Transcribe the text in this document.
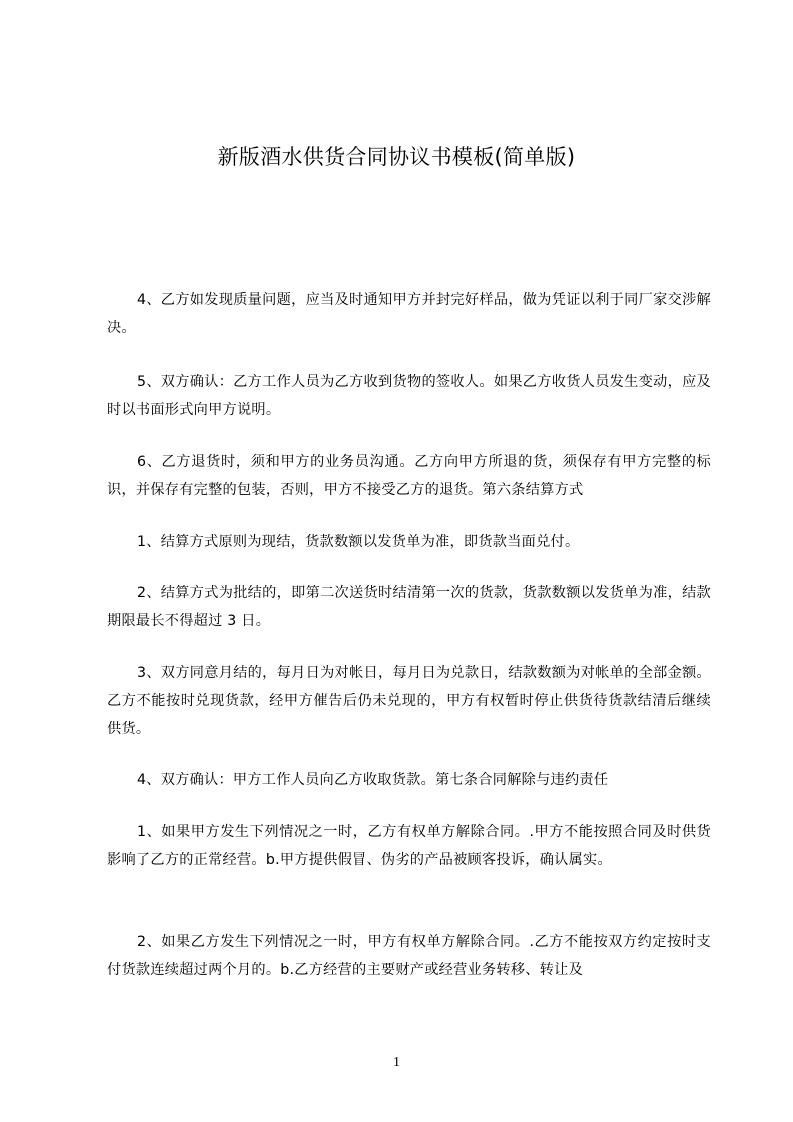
新版酒水供货合同协议书模板(简单版)
4、乙方如发现质量问题，应当及时通知甲方并封完好样品，做为凭证以利于同厂家交涉解决。
5、双方确认：乙方工作人员为乙方收到货物的签收人。如果乙方收货人员发生变动，应及时以书面形式向甲方说明。
6、乙方退货时，须和甲方的业务员沟通。乙方向甲方所退的货，须保存有甲方完整的标识，并保存有完整的包装，否则，甲方不接受乙方的退货。第六条结算方式
1、结算方式原则为现结，货款数额以发货单为准，即货款当面兑付。
2、结算方式为批结的，即第二次送货时结清第一次的货款，货款数额以发货单为准，结款期限最长不得超过 3 日。
3、双方同意月结的，每月日为对帐日，每月日为兑款日，结款数额为对帐单的全部金额。乙方不能按时兑现货款，经甲方催告后仍未兑现的，甲方有权暂时停止供货待货款结清后继续供货。
4、双方确认：甲方工作人员向乙方收取货款。第七条合同解除与违约责任
1、如果甲方发生下列情况之一时，乙方有权单方解除合同。.甲方不能按照合同及时供货影响了乙方的正常经营。b.甲方提供假冒、伪劣的产品被顾客投诉，确认属实。
2、如果乙方发生下列情况之一时，甲方有权单方解除合同。.乙方不能按双方约定按时支付货款连续超过两个月的。b.乙方经营的主要财产或经营业务转移、转让及
1
